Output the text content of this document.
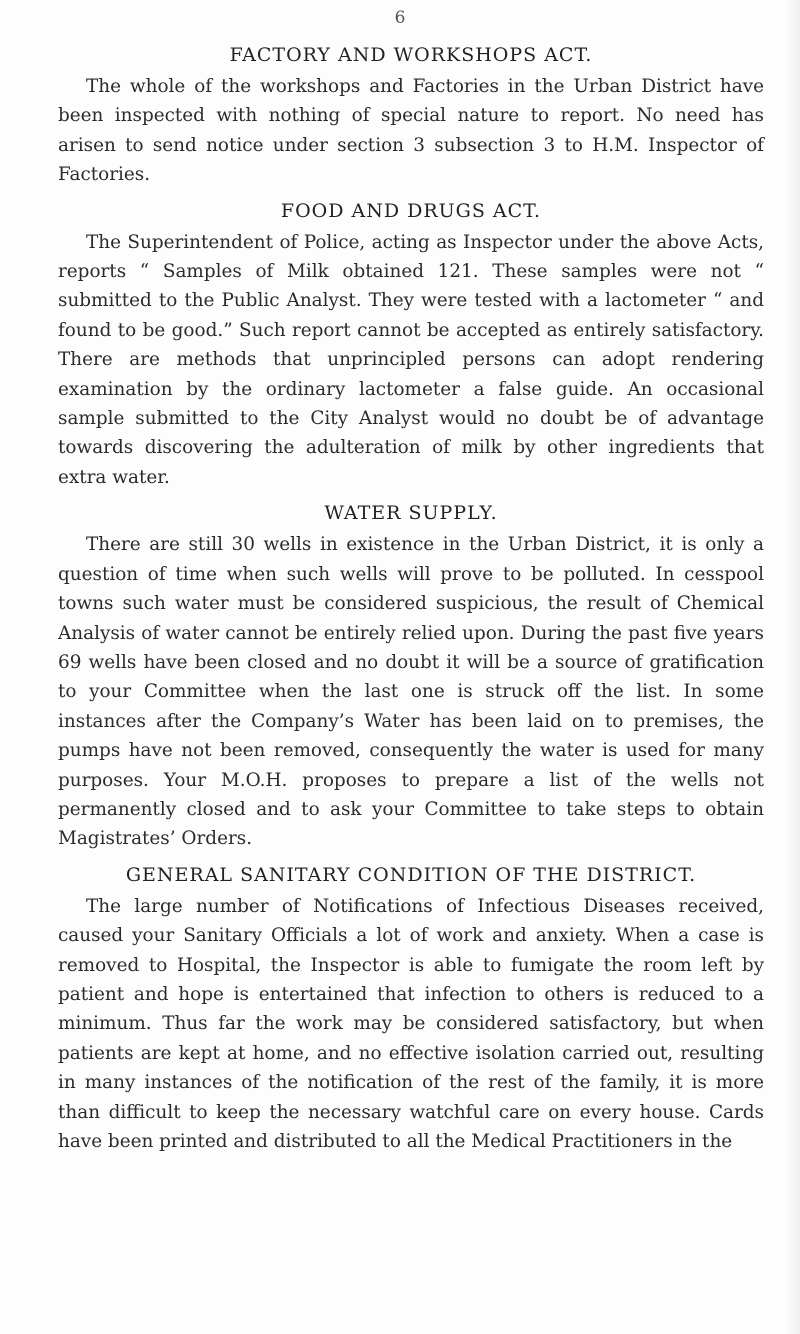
6
FACTORY AND WORKSHOPS ACT.

The whole of the workshops and Factories in the Urban District have been inspected with nothing of special nature to report. No need has arisen to send notice under section 3 subsection 3 to H.M. Inspector of Factories.

FOOD AND DRUGS ACT.

The Superintendent of Police, acting as Inspector under the above Acts, reports “ Samples of Milk obtained 121. These samples were not “ submitted to the Public Analyst. They were tested with a lactometer “ and found to be good.” Such report cannot be accepted as entirely satisfactory. There are methods that unprincipled persons can adopt rendering examination by the ordinary lactometer a false guide. An occasional sample submitted to the City Analyst would no doubt be of advantage towards discovering the adulteration of milk by other ingredients that extra water.

WATER SUPPLY.

There are still 30 wells in existence in the Urban District, it is only a question of time when such wells will prove to be polluted. In cesspool towns such water must be considered suspicious, the result of Chemical Analysis of water cannot be entirely relied upon. During the past five years 69 wells have been closed and no doubt it will be a source of gratification to your Committee when the last one is struck off the list. In some instances after the Company’s Water has been laid on to premises, the pumps have not been removed, consequently the water is used for many purposes. Your M.O.H. proposes to prepare a list of the wells not permanently closed and to ask your Committee to take steps to obtain Magistrates’ Orders.

GENERAL SANITARY CONDITION OF THE DISTRICT.

The large number of Notifications of Infectious Diseases received, caused your Sanitary Officials a lot of work and anxiety. When a case is removed to Hospital, the Inspector is able to fumigate the room left by patient and hope is entertained that infection to others is reduced to a minimum. Thus far the work may be considered satisfactory, but when patients are kept at home, and no effective isolation carried out, resulting in many instances of the notification of the rest of the family, it is more than difficult to keep the necessary watchful care on every house. Cards have been printed and distributed to all the Medical Practitioners in the
